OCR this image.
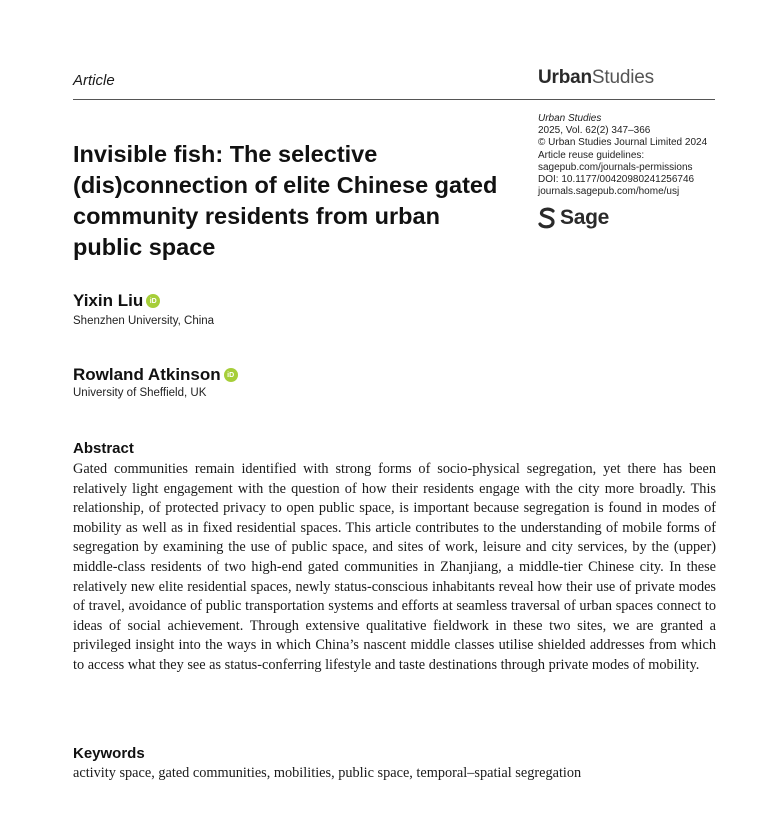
Article	UrbanStudies
Invisible fish: The selective (dis)connection of elite Chinese gated community residents from urban public space
Urban Studies
2025, Vol. 62(2) 347–366
© Urban Studies Journal Limited 2024
Article reuse guidelines:
sagepub.com/journals-permissions
DOI: 10.1177/00420980241256746
journals.sagepub.com/home/usj
Sage
Yixin Liu iD
Shenzhen University, China
Rowland Atkinson iD
University of Sheffield, UK
Abstract
Gated communities remain identified with strong forms of socio-physical segregation, yet there has been relatively light engagement with the question of how their residents engage with the city more broadly. This relationship, of protected privacy to open public space, is important because segregation is found in modes of mobility as well as in fixed residential spaces. This article contributes to the understanding of mobile forms of segregation by examining the use of public space, and sites of work, leisure and city services, by the (upper) middle-class residents of two high-end gated communities in Zhanjiang, a middle-tier Chinese city. In these relatively new elite residential spaces, newly status-conscious inhabitants reveal how their use of private modes of travel, avoidance of public transportation systems and efforts at seamless traversal of urban spaces connect to ideas of social achievement. Through extensive qualitative fieldwork in these two sites, we are granted a privileged insight into the ways in which China’s nascent middle classes utilise shielded addresses from which to access what they see as status-conferring lifestyle and taste destinations through private modes of mobility.
Keywords
activity space, gated communities, mobilities, public space, temporal–spatial segregation
